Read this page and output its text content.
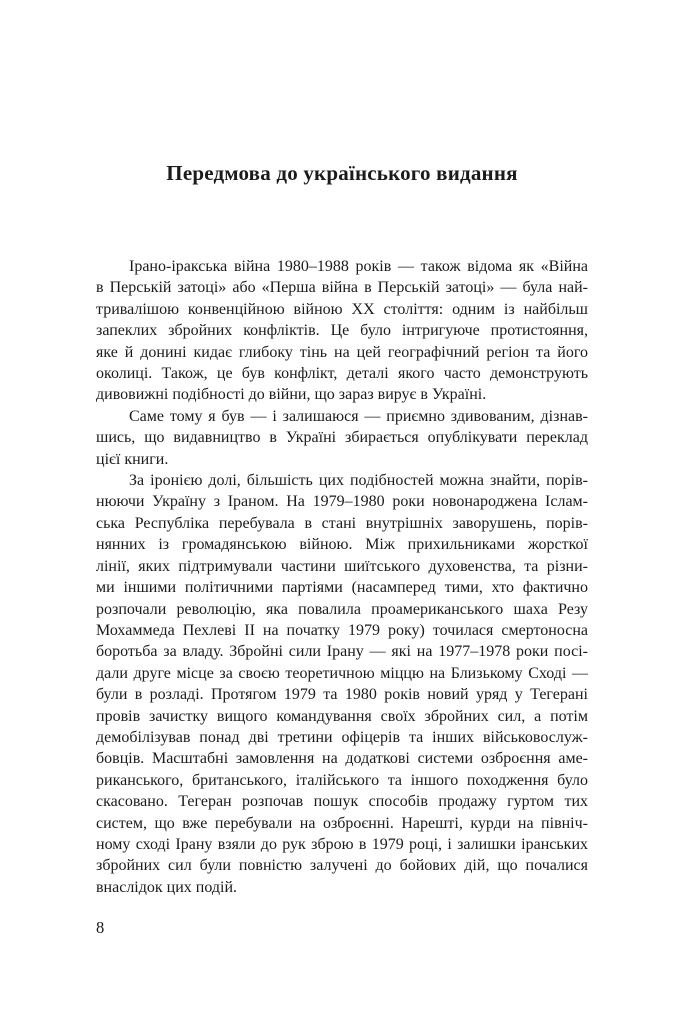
Передмова до українського видання
Ірано-іракська війна 1980–1988 років — також відома як «Війна
в Перській затоці» або «Перша війна в Перській затоці» — була най-
тривалішою конвенційною війною XX століття: одним із найбільш
запеклих збройних конфліктів. Це було інтригуюче протистояння,
яке й донині кидає глибоку тінь на цей географічний регіон та його
околиці. Також, це був конфлікт, деталі якого часто демонструють
дивовижні подібності до війни, що зараз вирує в Україні.
Саме тому я був — і залишаюся — приємно здивованим, дізнав-
шись, що видавництво в Україні збирається опублікувати переклад
цієї книги.
За іронією долі, більшість цих подібностей можна знайти, порів-
нюючи Україну з Іраном. На 1979–1980 роки новонароджена Іслам-
ська Республіка перебувала в стані внутрішніх заворушень, порів-
нянних із громадянською війною. Між прихильниками жорсткої
лінії, яких підтримували частини шиїтського духовенства, та різни-
ми іншими політичними партіями (насамперед тими, хто фактично
розпочали революцію, яка повалила проамериканського шаха Резу
Мохаммеда Пехлеві II на початку 1979 року) точилася смертоносна
боротьба за владу. Збройні сили Ірану — які на 1977–1978 роки посі-
дали друге місце за своєю теоретичною міццю на Близькому Сході —
були в розладі. Протягом 1979 та 1980 років новий уряд у Тегерані
провів зачистку вищого командування своїх збройних сил, а потім
демобілізував понад дві третини офіцерів та інших військовослуж-
бовців. Масштабні замовлення на додаткові системи озброєння аме-
риканського, британського, італійського та іншого походження було
скасовано. Тегеран розпочав пошук способів продажу гуртом тих
систем, що вже перебували на озброєнні. Нарешті, курди на північ-
ному сході Ірану взяли до рук зброю в 1979 році, і залишки іранських
збройних сил були повністю залучені до бойових дій, що почалися
внаслідок цих подій.
8
